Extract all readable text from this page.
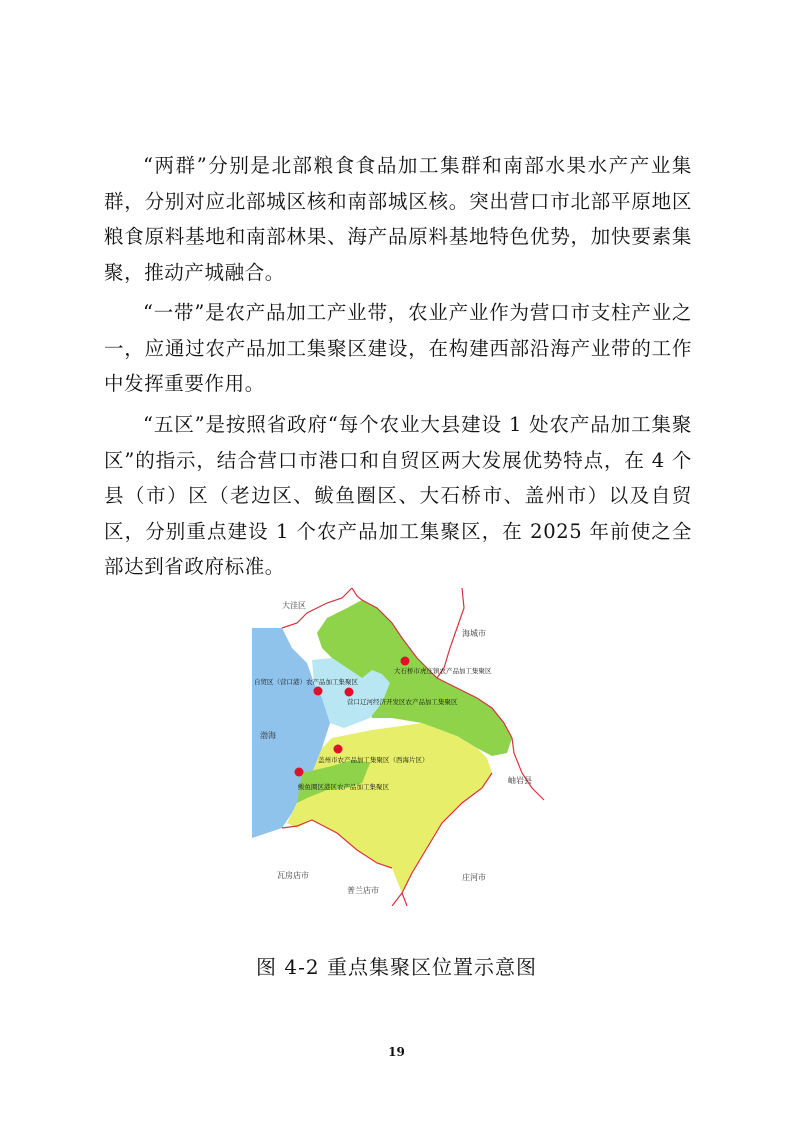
“两群”分别是北部粮食食品加工集群和南部水果水产产业集群，分别对应北部城区核和南部城区核。突出营口市北部平原地区粮食原料基地和南部林果、海产品原料基地特色优势，加快要素集聚，推动产城融合。

“一带”是农产品加工产业带，农业产业作为营口市支柱产业之一，应通过农产品加工集聚区建设，在构建西部沿海产业带的工作中发挥重要作用。

“五区”是按照省政府“每个农业大县建设 1 处农产品加工集聚区”的指示，结合营口市港口和自贸区两大发展优势特点，在 4 个县（市）区（老边区、鲅鱼圈区、大石桥市、盖州市）以及自贸区，分别重点建设 1 个农产品加工集聚区，在 2025 年前使之全部达到省政府标准。

大洼区
海城市
渤海
岫岩县
瓦房店市
普兰店市
庄河市
大石桥市虎庄镇农产品加工集聚区
自贸区（营口港）农产品加工集聚区
营口辽河经济开发区农产品加工集聚区
盖州市农产品加工集聚区（西海片区）
鲅鱼圈区港区农产品加工集聚区
图 4-2 重点集聚区位置示意图
19
